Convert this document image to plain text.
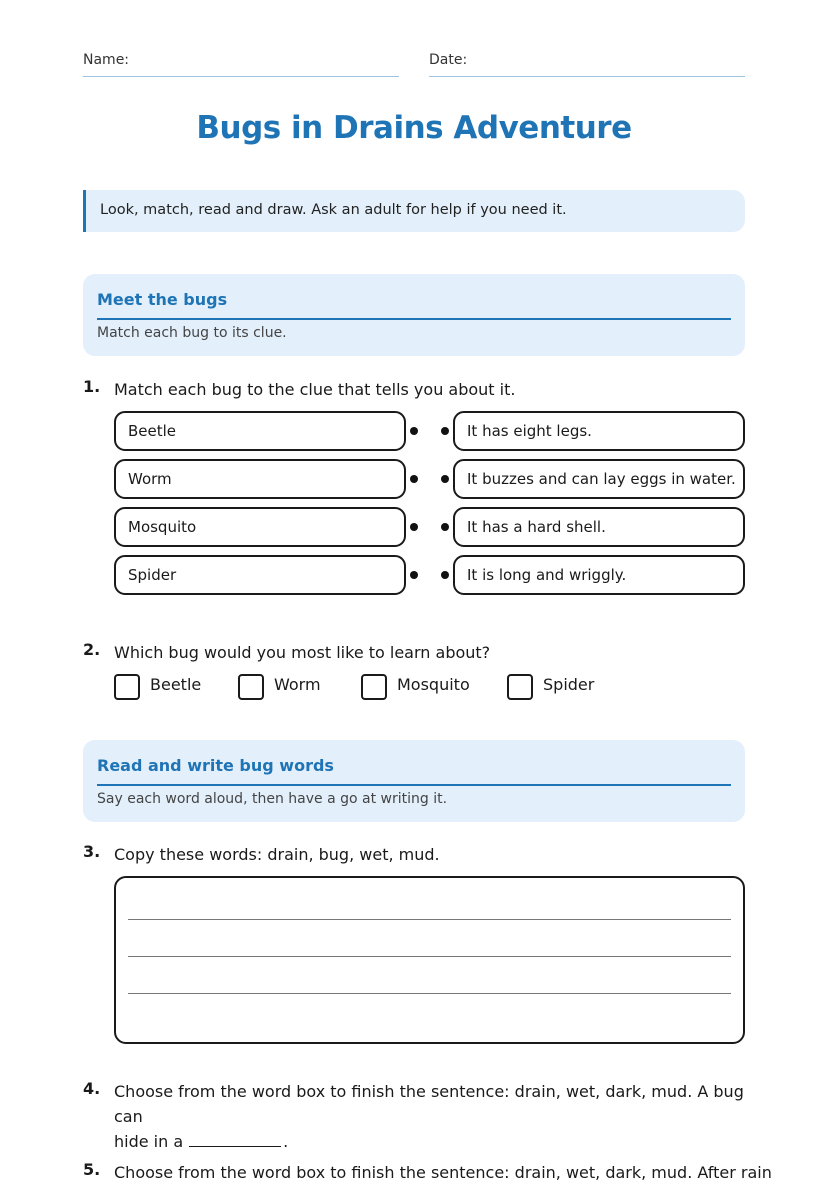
Name:	Date:
Bugs in Drains Adventure
Look, match, read and draw. Ask an adult for help if you need it.
Meet the bugs
Match each bug to its clue.
1. Match each bug to the clue that tells you about it.
Beetle
Worm
Mosquito
Spider
It has eight legs.
It buzzes and can lay eggs in water.
It has a hard shell.
It is long and wriggly.
2. Which bug would you most like to learn about?
Beetle	Worm	Mosquito	Spider
Read and write bug words
Say each word aloud, then have a go at writing it.
3. Copy these words: drain, bug, wet, mud.
4. Choose from the word box to finish the sentence: drain, wet, dark, mud. A bug can
hide in a	.
5. Choose from the word box to finish the sentence: drain, wet, dark, mud. After rain
